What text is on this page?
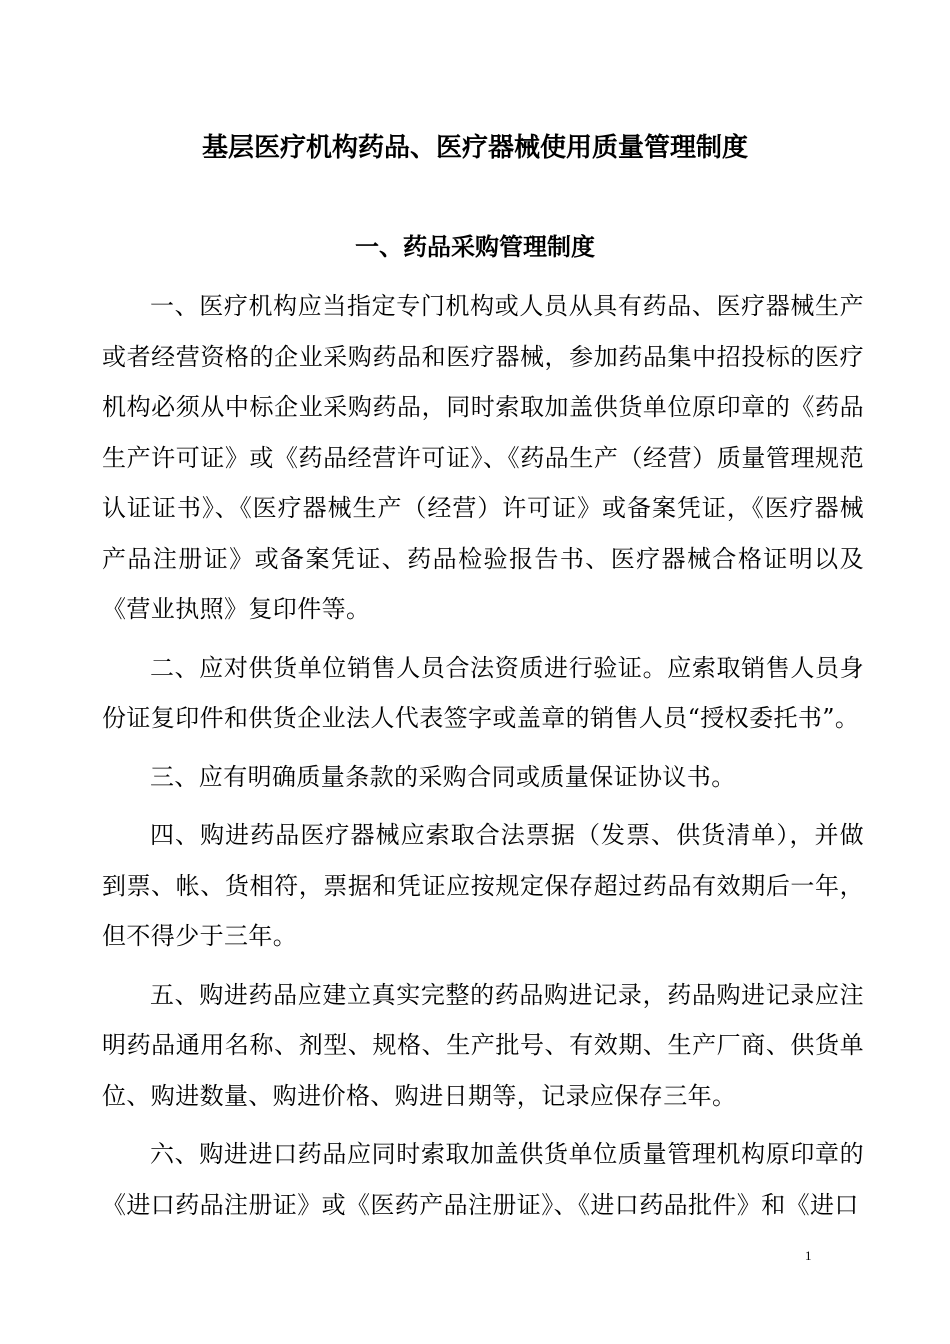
基层医疗机构药品、医疗器械使用质量管理制度
一、药品采购管理制度

一、医疗机构应当指定专门机构或人员从具有药品、医疗器械生产或者经营资格的企业采购药品和医疗器械，参加药品集中招投标的医疗机构必须从中标企业采购药品，同时索取加盖供货单位原印章的《药品生产许可证》或《药品经营许可证》、《药品生产（经营）质量管理规范认证证书》、《医疗器械生产（经营）许可证》或备案凭证，《医疗器械产品注册证》或备案凭证、药品检验报告书、医疗器械合格证明以及《营业执照》复印件等。

二、应对供货单位销售人员合法资质进行验证。应索取销售人员身份证复印件和供货企业法人代表签字或盖章的销售人员“授权委托书”。

三、应有明确质量条款的采购合同或质量保证协议书。

四、购进药品医疗器械应索取合法票据（发票、供货清单），并做到票、帐、货相符，票据和凭证应按规定保存超过药品有效期后一年，但不得少于三年。

五、购进药品应建立真实完整的药品购进记录，药品购进记录应注明药品通用名称、剂型、规格、生产批号、有效期、生产厂商、供货单位、购进数量、购进价格、购进日期等，记录应保存三年。

六、购进进口药品应同时索取加盖供货单位质量管理机构原印章的《进口药品注册证》或《医药产品注册证》、《进口药品批件》和《进口

1
